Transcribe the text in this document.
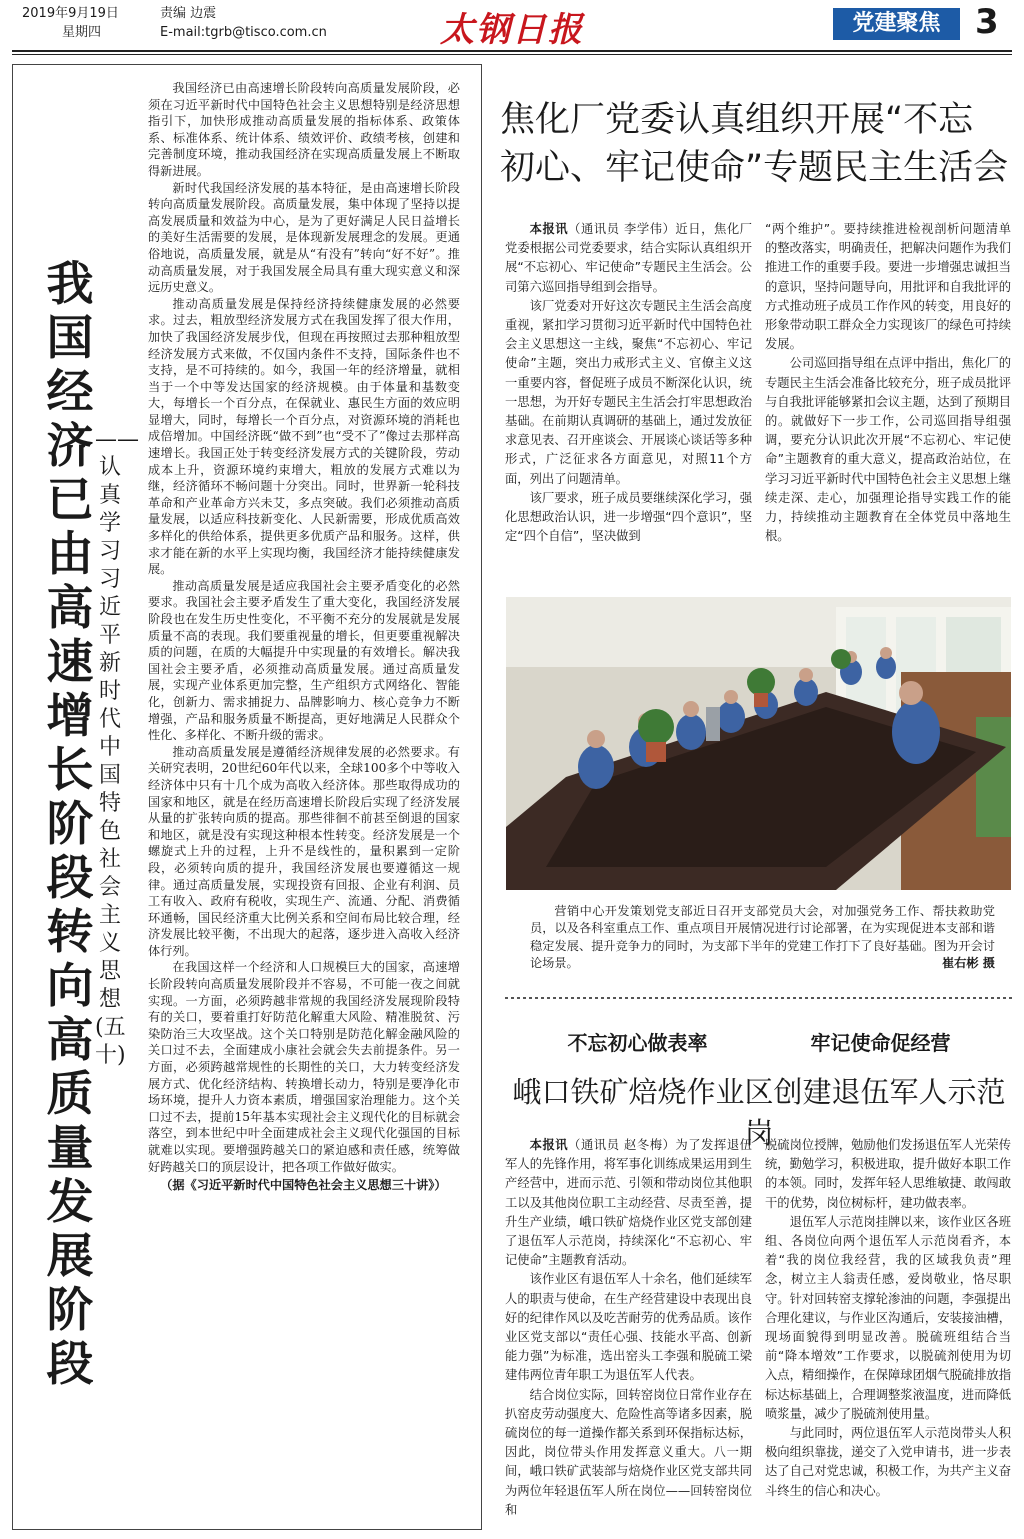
2019年9月19日
星期四
责编 边震
E-mail:tgrb@tisco.com.cn	太钢日报	党建聚焦	3
我国经济已由高速增长阶段转向高质量发展阶段
——认真学习习近平新时代中国特色社会主义思想(五十)

我国经济已由高速增长阶段转向高质量发展阶段，必须在习近平新时代中国特色社会主义思想特别是经济思想指引下，加快形成推动高质量发展的指标体系、政策体系、标准体系、统计体系、绩效评价、政绩考核，创建和完善制度环境，推动我国经济在实现高质量发展上不断取得新进展。

新时代我国经济发展的基本特征，是由高速增长阶段转向高质量发展阶段。高质量发展，集中体现了坚持以提高发展质量和效益为中心，是为了更好满足人民日益增长的美好生活需要的发展，是体现新发展理念的发展。更通俗地说，高质量发展，就是从“有没有”转向“好不好”。推动高质量发展，对于我国发展全局具有重大现实意义和深远历史意义。

推动高质量发展是保持经济持续健康发展的必然要求。过去，粗放型经济发展方式在我国发挥了很大作用，加快了我国经济发展步伐，但现在再按照过去那种粗放型经济发展方式来做，不仅国内条件不支持，国际条件也不支持，是不可持续的。如今，我国一年的经济增量，就相当于一个中等发达国家的经济规模。由于体量和基数变大，每增长一个百分点，在保就业、惠民生方面的效应明显增大，同时，每增长一个百分点，对资源环境的消耗也成倍增加。中国经济既“做不到”也“受不了”像过去那样高速增长。我国正处于转变经济发展方式的关键阶段，劳动成本上升，资源环境约束增大，粗放的发展方式难以为继，经济循环不畅问题十分突出。同时，世界新一轮科技革命和产业革命方兴未艾，多点突破。我们必须推动高质量发展，以适应科技新变化、人民新需要，形成优质高效多样化的供给体系，提供更多优质产品和服务。这样，供求才能在新的水平上实现均衡，我国经济才能持续健康发展。

推动高质量发展是适应我国社会主要矛盾变化的必然要求。我国社会主要矛盾发生了重大变化，我国经济发展阶段也在发生历史性变化，不平衡不充分的发展就是发展质量不高的表现。我们要重视量的增长，但更要重视解决质的问题，在质的大幅提升中实现量的有效增长。解决我国社会主要矛盾，必须推动高质量发展。通过高质量发展，实现产业体系更加完整，生产组织方式网络化、智能化，创新力、需求捕捉力、品牌影响力、核心竞争力不断增强，产品和服务质量不断提高，更好地满足人民群众个性化、多样化、不断升级的需求。

推动高质量发展是遵循经济规律发展的必然要求。有关研究表明，20世纪60年代以来，全球100多个中等收入经济体中只有十几个成为高收入经济体。那些取得成功的国家和地区，就是在经历高速增长阶段后实现了经济发展从量的扩张转向质的提高。那些徘徊不前甚至倒退的国家和地区，就是没有实现这种根本性转变。经济发展是一个螺旋式上升的过程，上升不是线性的，量积累到一定阶段，必须转向质的提升，我国经济发展也要遵循这一规律。通过高质量发展，实现投资有回报、企业有利润、员工有收入、政府有税收，实现生产、流通、分配、消费循环通畅，国民经济重大比例关系和空间布局比较合理，经济发展比较平衡，不出现大的起落，逐步进入高收入经济体行列。

在我国这样一个经济和人口规模巨大的国家，高速增长阶段转向高质量发展阶段并不容易，不可能一夜之间就实现。一方面，必须跨越非常规的我国经济发展现阶段特有的关口，要着重打好防范化解重大风险、精准脱贫、污染防治三大攻坚战。这个关口特别是防范化解金融风险的关口过不去，全面建成小康社会就会失去前提条件。另一方面，必须跨越常规性的长期性的关口，大力转变经济发展方式、优化经济结构、转换增长动力，特别是要净化市场环境，提升人力资本素质，增强国家治理能力。这个关口过不去，提前15年基本实现社会主义现代化的目标就会落空，到本世纪中叶全面建成社会主义现代化强国的目标就难以实现。要增强跨越关口的紧迫感和责任感，统筹做好跨越关口的顶层设计，把各项工作做好做实。

（据《习近平新时代中国特色社会主义思想三十讲》）

焦化厂党委认真组织开展“不忘
初心、牢记使命”专题民主生活会

本报讯（通讯员 李学伟）近日，焦化厂党委根据公司党委要求，结合实际认真组织开展“不忘初心、牢记使命”专题民主生活会。公司第六巡回指导组到会指导。

该厂党委对开好这次专题民主生活会高度重视，紧扣学习贯彻习近平新时代中国特色社会主义思想这一主线，聚焦“不忘初心、牢记使命”主题，突出力戒形式主义、官僚主义这一重要内容，督促班子成员不断深化认识，统一思想，为开好专题民主生活会打牢思想政治基础。在前期认真调研的基础上，通过发放征求意见表、召开座谈会、开展谈心谈话等多种形式，广泛征求各方面意见，对照11个方面，列出了问题清单。

该厂要求，班子成员要继续深化学习，强化思想政治认识，进一步增强“四个意识”，坚定“四个自信”，坚决做到

“两个维护”。要持续推进检视剖析问题清单的整改落实，明确责任，把解决问题作为我们推进工作的重要手段。要进一步增强忠诚担当的意识，坚持问题导向，用批评和自我批评的方式推动班子成员工作作风的转变，用良好的形象带动职工群众全力实现该厂的绿色可持续发展。

公司巡回指导组在点评中指出，焦化厂的专题民主生活会准备比较充分，班子成员批评与自我批评能够紧扣会议主题，达到了预期目的。就做好下一步工作，公司巡回指导组强调，要充分认识此次开展“不忘初心、牢记使命”主题教育的重大意义，提高政治站位，在学习习近平新时代中国特色社会主义思想上继续走深、走心，加强理论指导实践工作的能力，持续推动主题教育在全体党员中落地生根。

营销中心开发策划党支部近日召开支部党员大会，对加强党务工作、帮扶救助党员，以及各科室重点工作、重点项目开展情况进行讨论部署，在为实现促进本支部和谐稳定发展、提升竞争力的同时，为支部下半年的党建工作打下了良好基础。图为开会讨论场景。	崔右彬 摄
不忘初心做表率	牢记使命促经营
峨口铁矿焙烧作业区创建退伍军人示范岗

本报讯（通讯员 赵冬梅）为了发挥退伍军人的先锋作用，将军事化训练成果运用到生产经营中，进而示范、引领和带动岗位其他职工以及其他岗位职工主动经营、尽责至善，提升生产业绩，峨口铁矿焙烧作业区党支部创建了退伍军人示范岗，持续深化“不忘初心、牢记使命”主题教育活动。

该作业区有退伍军人十余名，他们延续军人的职责与使命，在生产经营建设中表现出良好的纪律作风以及吃苦耐劳的优秀品质。该作业区党支部以“责任心强、技能水平高、创新能力强”为标准，选出窑头工李强和脱硫工梁建伟两位青年职工为退伍军人代表。

结合岗位实际，回转窑岗位日常作业存在扒窑皮劳动强度大、危险性高等诸多因素，脱硫岗位的每一道操作都关系到环保指标达标，因此，岗位带头作用发挥意义重大。八一期间，峨口铁矿武装部与焙烧作业区党支部共同为两位年轻退伍军人所在岗位——回转窑岗位和

脱硫岗位授牌，勉励他们发扬退伍军人光荣传统，勤勉学习，积极进取，提升做好本职工作的本领。同时，发挥年轻人思维敏捷、敢闯敢干的优势，岗位树标杆，建功做表率。

退伍军人示范岗挂牌以来，该作业区各班组、各岗位向两个退伍军人示范岗看齐，本着“我的岗位我经营，我的区域我负责”理念，树立主人翁责任感，爱岗敬业，恪尽职守。针对回转窑支撑轮渗油的问题，李强提出合理化建议，与作业区沟通后，安装接油槽，现场面貌得到明显改善。脱硫班组结合当前“降本增效”工作要求，以脱硫剂使用为切入点，精细操作，在保障球团烟气脱硫排放指标达标基础上，合理调整浆液温度，进而降低喷浆量，减少了脱硫剂使用量。

与此同时，两位退伍军人示范岗带头人积极向组织靠拢，递交了入党申请书，进一步表达了自己对党忠诚，积极工作，为共产主义奋斗终生的信心和决心。
